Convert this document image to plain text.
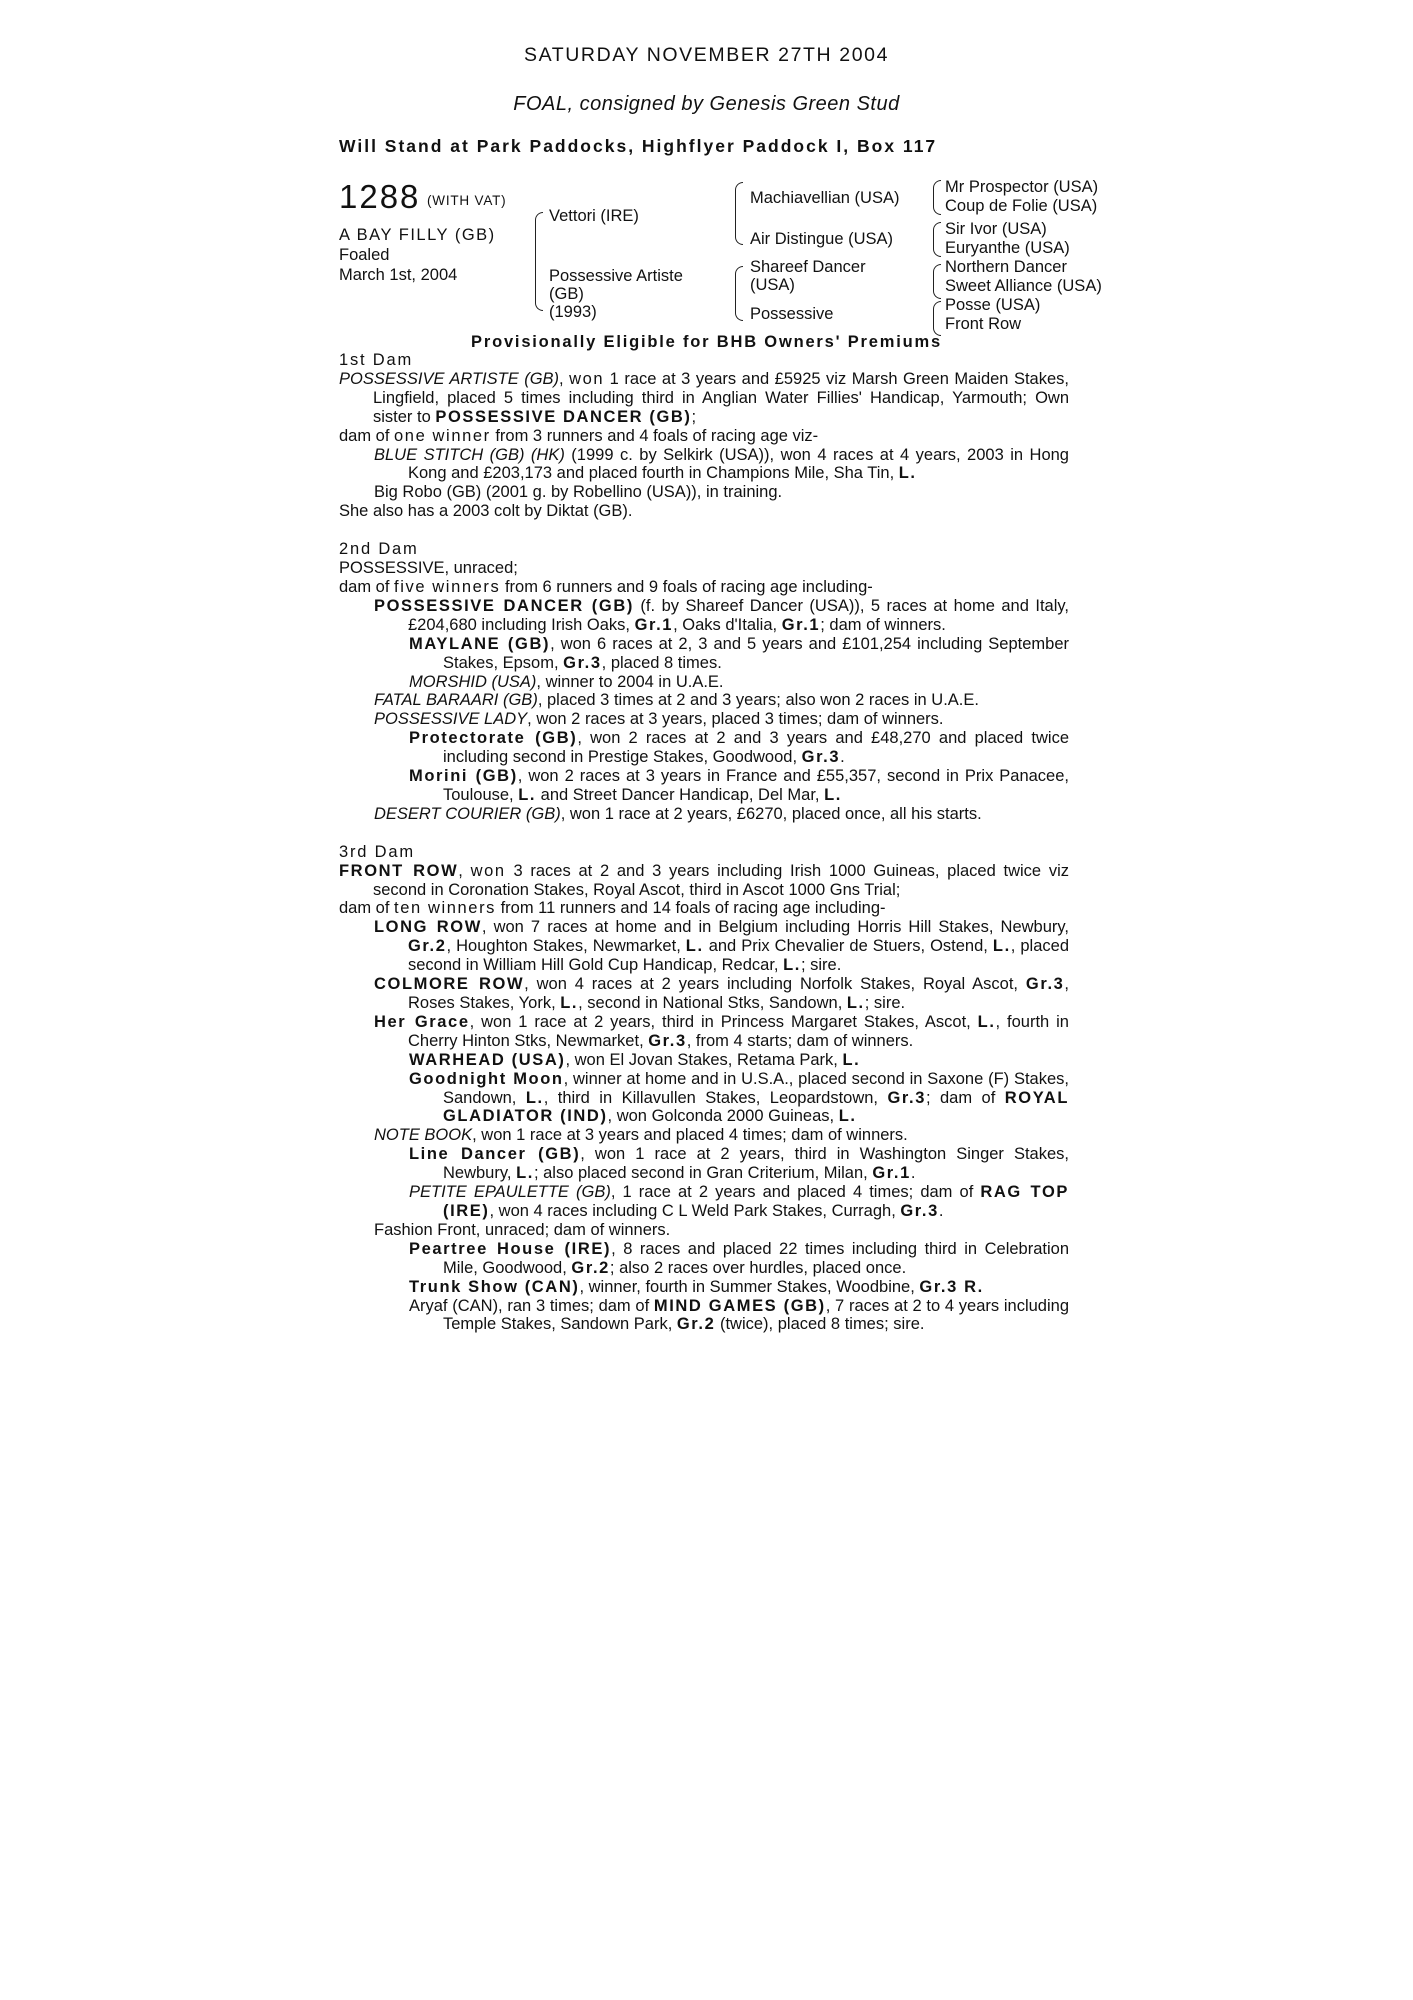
SATURDAY NOVEMBER 27TH 2004
FOAL, consigned by Genesis Green Stud
Will Stand at Park Paddocks, Highflyer Paddock I, Box 117
1288 (WITH VAT)
A BAY FILLY (GB)
Foaled
March 1st, 2004
Vettori (IRE)
Possessive Artiste
(GB)
(1993)
Machiavellian (USA)
Air Distingue (USA)
Shareef Dancer
(USA)
Possessive
Mr Prospector (USA)
Coup de Folie (USA)
Sir Ivor (USA)
Euryanthe (USA)
Northern Dancer
Sweet Alliance (USA)
Posse (USA)
Front Row
Provisionally Eligible for BHB Owners' Premiums
1st Dam
POSSESSIVE ARTISTE (GB), won 1 race at 3 years and £5925 viz Marsh Green Maiden Stakes, Lingfield, placed 5 times including third in Anglian Water Fillies' Handicap, Yarmouth; Own sister to POSSESSIVE DANCER (GB);
dam of one winner from 3 runners and 4 foals of racing age viz-
BLUE STITCH (GB) (HK) (1999 c. by Selkirk (USA)), won 4 races at 4 years, 2003 in Hong Kong and £203,173 and placed fourth in Champions Mile, Sha Tin, L.
Big Robo (GB) (2001 g. by Robellino (USA)), in training.
She also has a 2003 colt by Diktat (GB).
2nd Dam
POSSESSIVE, unraced;
dam of five winners from 6 runners and 9 foals of racing age including-
POSSESSIVE DANCER (GB) (f. by Shareef Dancer (USA)), 5 races at home and Italy, £204,680 including Irish Oaks, Gr.1, Oaks d'Italia, Gr.1; dam of winners.
MAYLANE (GB), won 6 races at 2, 3 and 5 years and £101,254 including September Stakes, Epsom, Gr.3, placed 8 times.
MORSHID (USA), winner to 2004 in U.A.E.
FATAL BARAARI (GB), placed 3 times at 2 and 3 years; also won 2 races in U.A.E.
POSSESSIVE LADY, won 2 races at 3 years, placed 3 times; dam of winners.
Protectorate (GB), won 2 races at 2 and 3 years and £48,270 and placed twice including second in Prestige Stakes, Goodwood, Gr.3.
Morini (GB), won 2 races at 3 years in France and £55,357, second in Prix Panacee, Toulouse, L. and Street Dancer Handicap, Del Mar, L.
DESERT COURIER (GB), won 1 race at 2 years, £6270, placed once, all his starts.
3rd Dam
FRONT ROW, won 3 races at 2 and 3 years including Irish 1000 Guineas, placed twice viz second in Coronation Stakes, Royal Ascot, third in Ascot 1000 Gns Trial;
dam of ten winners from 11 runners and 14 foals of racing age including-
LONG ROW, won 7 races at home and in Belgium including Horris Hill Stakes, Newbury, Gr.2, Houghton Stakes, Newmarket, L. and Prix Chevalier de Stuers, Ostend, L., placed second in William Hill Gold Cup Handicap, Redcar, L.; sire.
COLMORE ROW, won 4 races at 2 years including Norfolk Stakes, Royal Ascot, Gr.3, Roses Stakes, York, L., second in National Stks, Sandown, L.; sire.
Her Grace, won 1 race at 2 years, third in Princess Margaret Stakes, Ascot, L., fourth in Cherry Hinton Stks, Newmarket, Gr.3, from 4 starts; dam of winners.
WARHEAD (USA), won El Jovan Stakes, Retama Park, L.
Goodnight Moon, winner at home and in U.S.A., placed second in Saxone (F) Stakes, Sandown, L., third in Killavullen Stakes, Leopardstown, Gr.3; dam of ROYAL GLADIATOR (IND), won Golconda 2000 Guineas, L.
NOTE BOOK, won 1 race at 3 years and placed 4 times; dam of winners.
Line Dancer (GB), won 1 race at 2 years, third in Washington Singer Stakes, Newbury, L.; also placed second in Gran Criterium, Milan, Gr.1.
PETITE EPAULETTE (GB), 1 race at 2 years and placed 4 times; dam of RAG TOP (IRE), won 4 races including C L Weld Park Stakes, Curragh, Gr.3.
Fashion Front, unraced; dam of winners.
Peartree House (IRE), 8 races and placed 22 times including third in Celebration Mile, Goodwood, Gr.2; also 2 races over hurdles, placed once.
Trunk Show (CAN), winner, fourth in Summer Stakes, Woodbine, Gr.3 R.
Aryaf (CAN), ran 3 times; dam of MIND GAMES (GB), 7 races at 2 to 4 years including Temple Stakes, Sandown Park, Gr.2 (twice), placed 8 times; sire.
